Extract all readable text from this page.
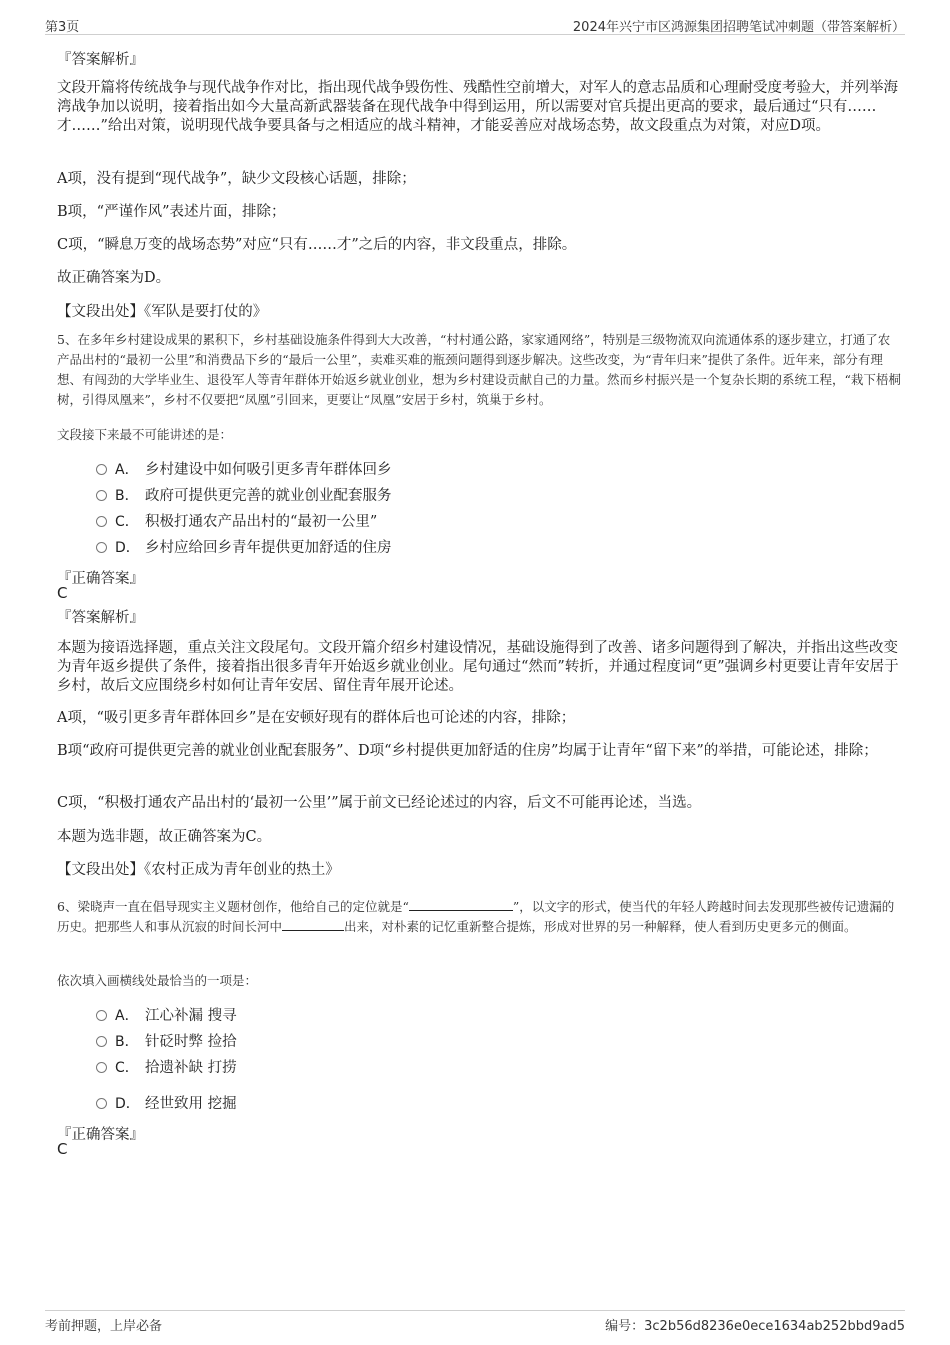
第3页	2024年兴宁市区鸿源集团招聘笔试冲刺题（带答案解析）
『答案解析』
文段开篇将传统战争与现代战争作对比，指出现代战争毁伤性、残酷性空前增大，对军人的意志品质和心理耐受度考验大，并列举海湾战争加以说明，接着指出如今大量高新武器装备在现代战争中得到运用，所以需要对官兵提出更高的要求，最后通过“只有……才……”给出对策，说明现代战争要具备与之相适应的战斗精神，才能妥善应对战场态势，故文段重点为对策，对应D项。
A项，没有提到“现代战争”，缺少文段核心话题，排除；
B项，“严谨作风”表述片面，排除；
C项，“瞬息万变的战场态势”对应“只有……才”之后的内容，非文段重点，排除。
故正确答案为D。
【文段出处】《军队是要打仗的》
5、在多年乡村建设成果的累积下，乡村基础设施条件得到大大改善，“村村通公路，家家通网络”，特别是三级物流双向流通体系的逐步建立，打通了农产品出村的“最初一公里”和消费品下乡的“最后一公里”，卖难买难的瓶颈问题得到逐步解决。这些改变，为“青年归来”提供了条件。近年来，部分有理想、有闯劲的大学毕业生、退役军人等青年群体开始返乡就业创业，想为乡村建设贡献自己的力量。然而乡村振兴是一个复杂长期的系统工程，“栽下梧桐树，引得凤凰来”，乡村不仅要把“凤凰”引回来，更要让“凤凰”安居于乡村，筑巢于乡村。
文段接下来最不可能讲述的是：
A． 乡村建设中如何吸引更多青年群体回乡
B． 政府可提供更完善的就业创业配套服务
C． 积极打通农产品出村的“最初一公里”
D． 乡村应给回乡青年提供更加舒适的住房
『正确答案』
C
『答案解析』
本题为接语选择题，重点关注文段尾句。文段开篇介绍乡村建设情况，基础设施得到了改善、诸多问题得到了解决，并指出这些改变为青年返乡提供了条件，接着指出很多青年开始返乡就业创业。尾句通过“然而”转折，并通过程度词“更”强调乡村更要让青年安居于乡村，故后文应围绕乡村如何让青年安居、留住青年展开论述。
A项，“吸引更多青年群体回乡”是在安顿好现有的群体后也可论述的内容，排除；
B项“政府可提供更完善的就业创业配套服务”、D项“乡村提供更加舒适的住房”均属于让青年“留下来”的举措，可能论述，排除；
C项，“积极打通农产品出村的‘最初一公里’”属于前文已经论述过的内容，后文不可能再论述，当选。
本题为选非题，故正确答案为C。
【文段出处】《农村正成为青年创业的热土》
6、梁晓声一直在倡导现实主义题材创作，他给自己的定位就是“	”，以文字的形式，使当代的年轻人跨越时间去发现那些被传记遗漏的历史。把那些人和事从沉寂的时间长河中	出来，对朴素的记忆重新整合提炼，形成对世界的另一种解释，使人看到历史更多元的侧面。
依次填入画横线处最恰当的一项是：
A． 江心补漏 搜寻
B． 针砭时弊 捡拾
C． 拾遗补缺 打捞
D． 经世致用 挖掘
『正确答案』
C
考前押题，上岸必备	编号：3c2b56d8236e0ece1634ab252bbd9ad5
